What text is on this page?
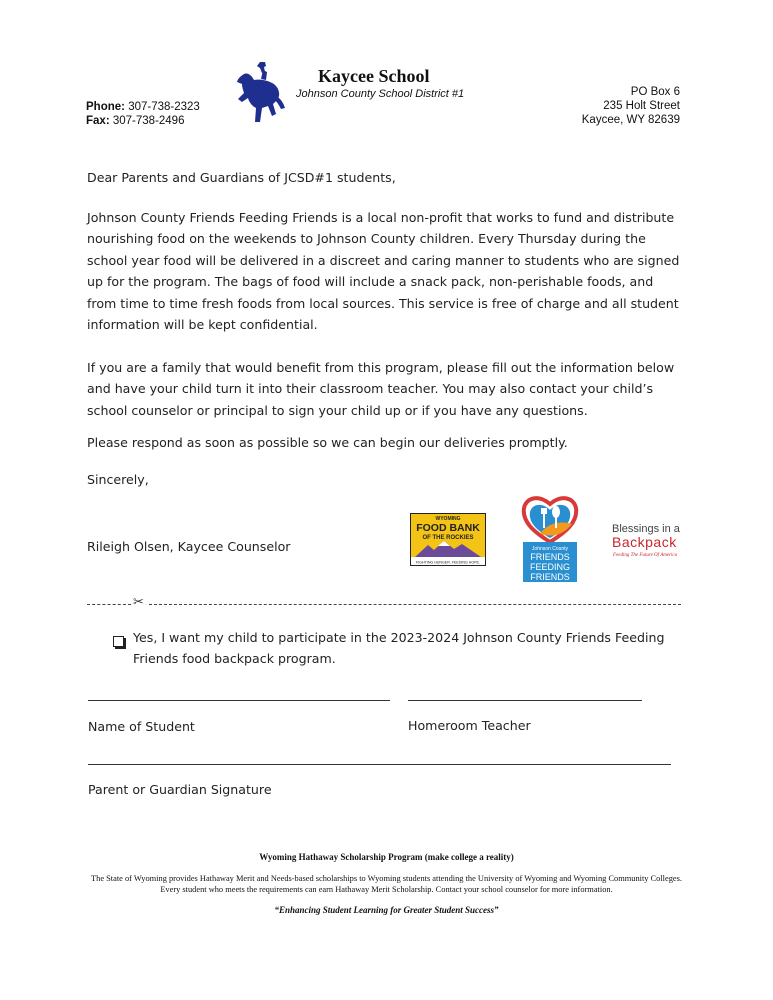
Kaycee School
Johnson County School District #1
Phone: 307-738-2323
Fax: 307-738-2496
PO Box 6
235 Holt Street
Kaycee, WY 82639
Dear Parents and Guardians of JCSD#1 students,
Johnson County Friends Feeding Friends is a local non-profit that works to fund and distribute nourishing food on the weekends to Johnson County children. Every Thursday during the school year food will be delivered in a discreet and caring manner to students who are signed up for the program. The bags of food will include a snack pack, non-perishable foods, and from time to time fresh foods from local sources. This service is free of charge and all student information will be kept confidential.
If you are a family that would benefit from this program, please fill out the information below and have your child turn it into their classroom teacher. You may also contact your child’s school counselor or principal to sign your child up or if you have any questions.
Please respond as soon as possible so we can begin our deliveries promptly.
Sincerely,
Rileigh Olsen, Kaycee Counselor
WYOMING
FOOD BANK
OF THE ROCKIES
FIGHTING HUNGER. FEEDING HOPE.
Johnson County
FRIENDS
FEEDING
FRIENDS
Blessings in a
Backpack
Feeding The Future Of America
✂
Yes, I want my child to participate in the 2023-2024 Johnson County Friends Feeding Friends food backpack program.
Name of Student	Homeroom Teacher
Parent or Guardian Signature
Wyoming Hathaway Scholarship Program (make college a reality)
The State of Wyoming provides Hathaway Merit and Needs-based scholarships to Wyoming students attending the University of Wyoming and Wyoming Community Colleges. Every student who meets the requirements can earn Hathaway Merit Scholarship. Contact your school counselor for more information.
“Enhancing Student Learning for Greater Student Success”
